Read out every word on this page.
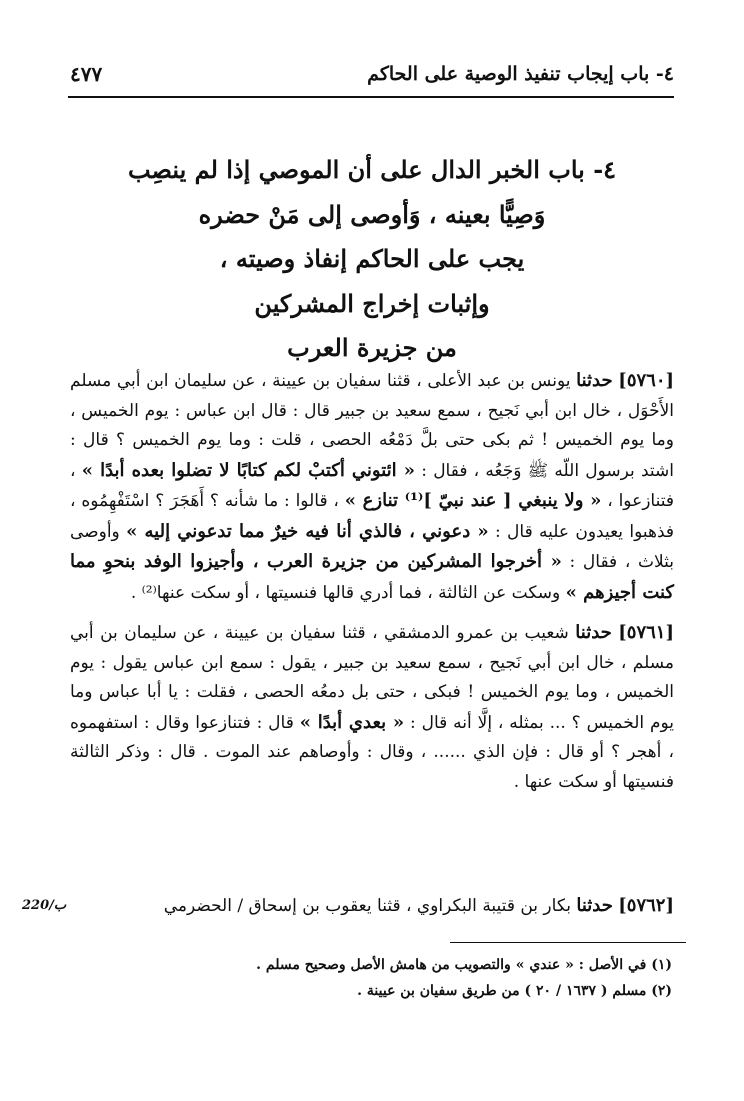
٤- باب إيجاب تنفيذ الوصية على الحاكم
٤٧٧
٤- باب الخبر الدال على أن الموصي إذا لم ينصِب
وَصِيًّا بعينه ، وَأوصى إلى مَنْ حضره
يجب على الحاكم إنفاذ وصيته ،
وإثبات إخراج المشركين
من جزيرة العرب

[٥٧٦٠] حدثنا يونس بن عبد الأعلى ، قثنا سفيان بن عيينة ، عن سليمان ابن أبي مسلم الأَحْوَل ، خال ابن أبي نَجيح ، سمع سعيد بن جبير قال : قال ابن عباس : يوم الخميس ، وما يوم الخميس ! ثم بكى حتى بلَّ دَمْعُه الحصى ، قلت : وما يوم الخميس ؟ قال : اشتد برسول اللّه ﷺ وَجَعُه ، فقال : « ائتوني أكتبْ لكم كتابًا لا تضلوا بعده أبدًا » ، فتنازعوا ، « ولا ينبغي [ عند نبيّ ]⁽¹⁾ تنازع » ، قالوا : ما شأنه ؟ أَهَجَرَ ؟ اسْتَفْهِمُوه ، فذهبوا يعيدون عليه قال : « دعوني ، فالذي أنا فيه خيرٌ مما تدعوني إليه » وأوصى بثلاث ، فقال : « أخرجوا المشركين من جزيرة العرب ، وأجيزوا الوفد بنحوِ مما كنت أجيزهم » وسكت عن الثالثة ، فما أدري قالها فنسيتها ، أو سكت عنها⁽²⁾ .

[٥٧٦١] حدثنا شعيب بن عمرو الدمشقي ، قثنا سفيان بن عيينة ، عن سليمان بن أبي مسلم ، خال ابن أبي نَجيح ، سمع سعيد بن جبير ، يقول : سمع ابن عباس يقول : يوم الخميس ، وما يوم الخميس ! فبكى ، حتى بل دمعُه الحصى ، فقلت : يا أبا عباس وما يوم الخميس ؟ ... بمثله ، إلَّا أنه قال : « بعدي أبدًا » قال : فتنازعوا وقال : استفهموه ، أهجر ؟ أو قال : فإن الذي ...... ، وقال : وأوصاهم عند الموت . قال : وذكر الثالثة فنسيتها أو سكت عنها .

[٥٧٦٢] حدثنا بكار بن قتيبة البكراوي ، قثنا يعقوب بن إسحاق / الحضرمي
220/ب
(١) في الأصل : « عندي » والتصويب من هامش الأصل وصحيح مسلم .
(٢) مسلم ( ١٦٣٧ / ٢٠ ) من طريق سفيان بن عيينة .
